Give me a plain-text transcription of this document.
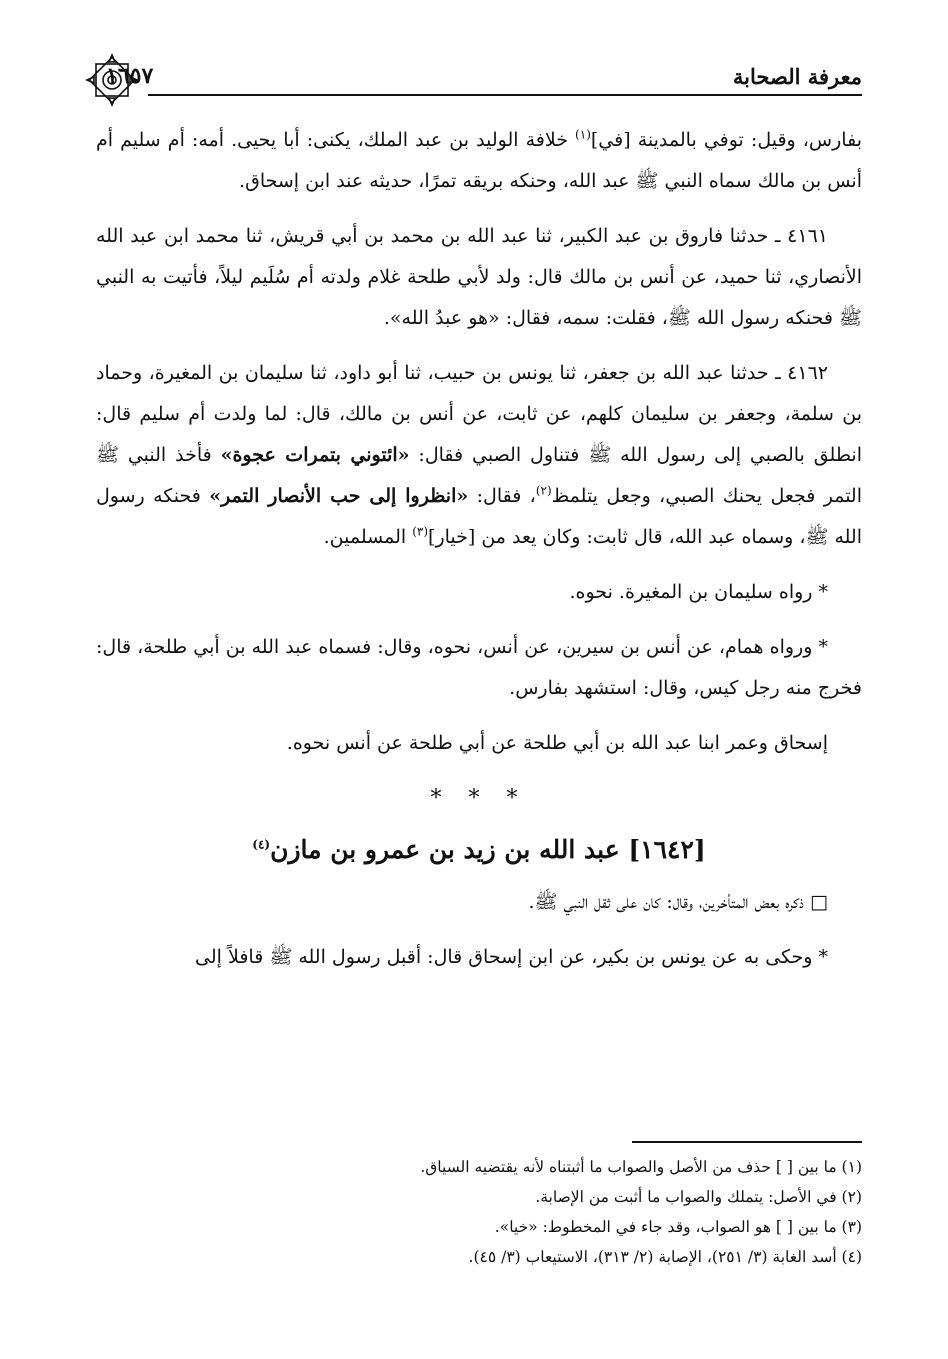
معرفة الصحابة
١٦٥٧

بفارس، وقيل: توفي بالمدينة [في]$^{(١)}$ خلافة الوليد بن عبد الملك، يكنى: أبا يحيى. أمه: أم سليم أم أنس بن مالك سماه النبي ﷺ عبد الله، وحنكه بريقه تمرًا، حديثه عند ابن إسحاق.

٤١٦١ ـ حدثنا فاروق بن عبد الكبير، ثنا عبد الله بن محمد بن أبي قريش، ثنا محمد ابن عبد الله الأنصاري، ثنا حميد، عن أنس بن مالك قال: ولد لأبي طلحة غلام ولدته أم سُلَيم ليلاً، فأتيت به النبي ﷺ فحنكه رسول الله ﷺ، فقلت: سمه، فقال: «هو عبدُ الله».

٤١٦٢ ـ حدثنا عبد الله بن جعفر، ثنا يونس بن حبيب، ثنا أبو داود، ثنا سليمان بن المغيرة، وحماد بن سلمة، وجعفر بن سليمان كلهم، عن ثابت، عن أنس بن مالك، قال: لما ولدت أم سليم قال: انطلق بالصبي إلى رسول الله ﷺ فتناول الصبي فقال: «ائتوني بتمرات عجوة» فأخذ النبي ﷺ التمر فجعل يحنك الصبي، وجعل يتلمظ$^{(٢)}$، فقال: «انظروا إلى حب الأنصار التمر» فحنكه رسول الله ﷺ، وسماه عبد الله، قال ثابت: وكان يعد من [خيار]$^{(٣)}$ المسلمين.

* رواه سليمان بن المغيرة. نحوه.

* ورواه همام، عن أنس بن سيرين، عن أنس، نحوه، وقال: فسماه عبد الله بن أبي طلحة، قال: فخرج منه رجل كيس، وقال: استشهد بفارس.

إسحاق وعمر ابنا عبد الله بن أبي طلحة عن أبي طلحة عن أنس نحوه.

* * *
[١٦٤٢] عبد الله بن زيد بن عمرو بن مازن$^{(٤)}$

□ ذكره بعض المتأخرين، وقال: كان على ثقل النبي ﷺ.

* وحكى به عن يونس بن بكير، عن ابن إسحاق قال: أقبل رسول الله ﷺ قافلاً إلى

(١) ما بين [ ] حذف من الأصل والصواب ما أثبتناه لأنه يقتضيه السياق.
(٢) في الأصل: يتملك والصواب ما أثبت من الإصابة.
(٣) ما بين [ ] هو الصواب، وقد جاء في المخطوط: «خيا».
(٤) أسد الغابة (٣/ ٢٥١)، الإصابة (٢/ ٣١٣)، الاستيعاب (٣/ ٤٥).
